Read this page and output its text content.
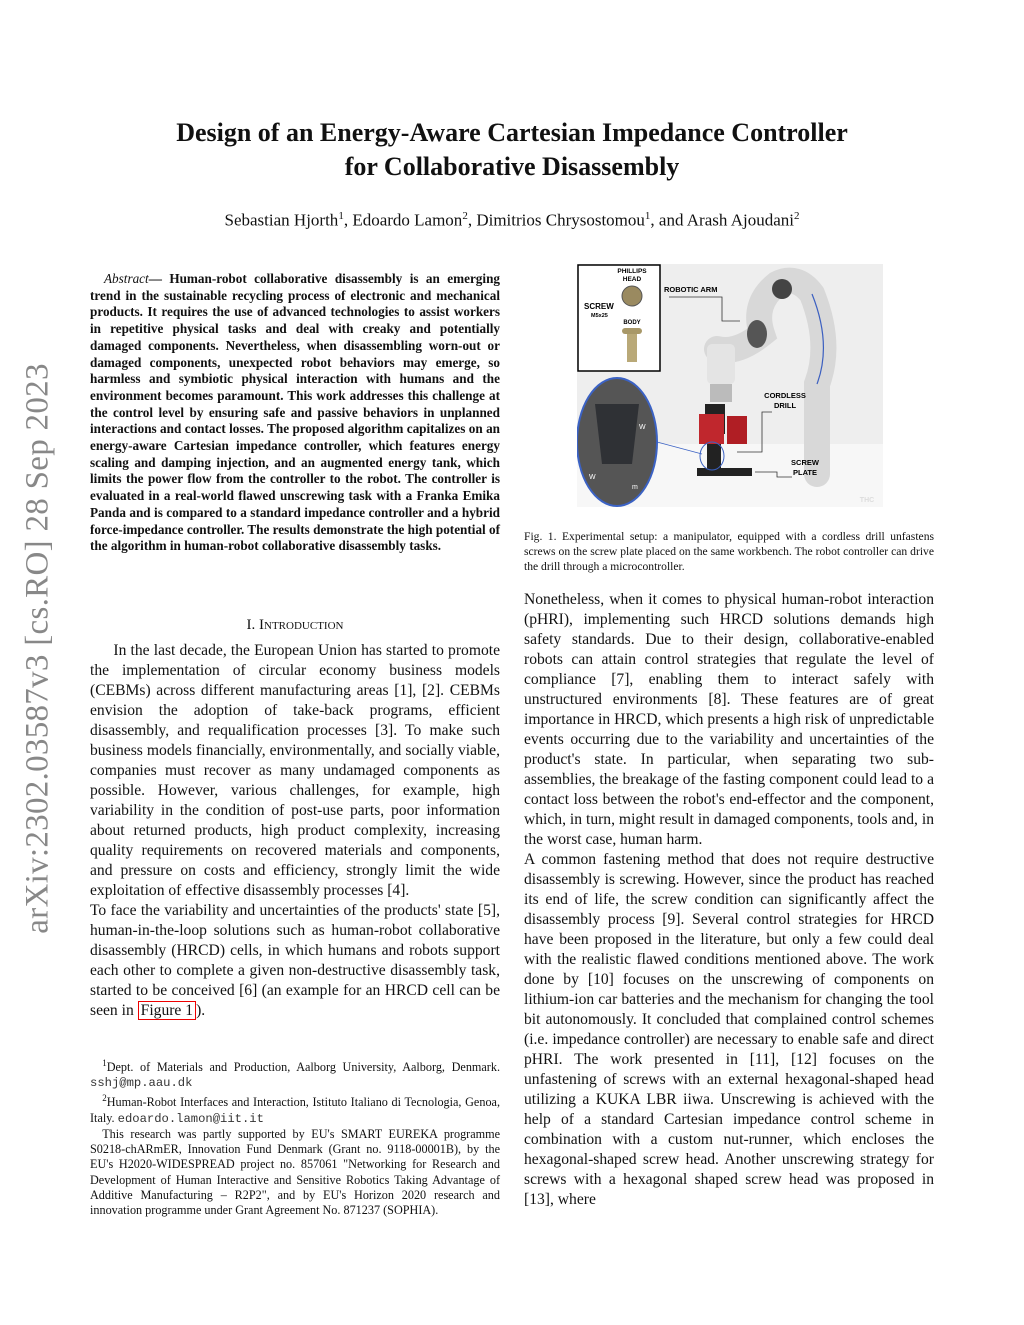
arXiv:2302.03587v3 [cs.RO] 28 Sep 2023
Design of an Energy-Aware Cartesian Impedance Controller
for Collaborative Disassembly
Sebastian Hjorth$^1$, Edoardo Lamon$^2$, Dimitrios Chrysostomou$^1$, and Arash Ajoudani$^2$
Abstract— Human-robot collaborative disassembly is an emerging trend in the sustainable recycling process of electronic and mechanical products. It requires the use of advanced technologies to assist workers in repetitive physical tasks and deal with creaky and potentially damaged components. Nevertheless, when disassembling worn-out or damaged components, unexpected robot behaviors may emerge, so harmless and symbiotic physical interaction with humans and the environment becomes paramount. This work addresses this challenge at the control level by ensuring safe and passive behaviors in unplanned interactions and contact losses. The proposed algorithm capitalizes on an energy-aware Cartesian impedance controller, which features energy scaling and damping injection, and an augmented energy tank, which limits the power flow from the controller to the robot. The controller is evaluated in a real-world flawed unscrewing task with a Franka Emika Panda and is compared to a standard impedance controller and a hybrid force-impedance controller. The results demonstrate the high potential of the algorithm in human-robot collaborative disassembly tasks.
I. Introduction

In the last decade, the European Union has started to promote the implementation of circular economy business models (CEBMs) across different manufacturing areas [1], [2]. CEBMs envision the adoption of take-back programs, efficient disassembly, and requalification processes [3]. To make such business models financially, environmentally, and socially viable, companies must recover as many undamaged components as possible. However, various challenges, for example, high variability in the condition of post-use parts, poor information about returned products, high product complexity, increasing quality requirements on recovered materials and components, and pressure on costs and efficiency, strongly limit the wide exploitation of effective disassembly processes [4].

To face the variability and uncertainties of the products' state [5], human-in-the-loop solutions such as human-robot collaborative disassembly (HRCD) cells, in which humans and robots support each other to complete a given non-destructive disassembly task, started to be conceived [6] (an example for an HRCD cell can be seen in Figure 1 ).

$^1$Dept. of Materials and Production, Aalborg University, Aalborg, Denmark. sshj@mp.aau.dk
$^2$Human-Robot Interfaces and Interaction, Istituto Italiano di Tecnologia, Genoa, Italy. edoardo.lamon@iit.it
This research was partly supported by EU's SMART EUREKA programme S0218-chARmER, Innovation Fund Denmark (Grant no. 9118-00001B), by the EU's H2020-WIDESPREAD project no. 857061 "Networking for Research and Development of Human Interactive and Sensitive Robotics Taking Advantage of Additive Manufacturing – R2P2", and by EU's Horizon 2020 research and innovation programme under Grant Agreement No. 871237 (SOPHIA).
PHILLIPS
HEAD
SCREW
M5x25
BODY
W
W
m
ROBOTIC ARM
CORDLESS
DRILL
SCREW
PLATE
THC
Fig. 1. Experimental setup: a manipulator, equipped with a cordless drill unfastens screws on the screw plate placed on the same workbench. The robot controller can drive the drill through a microcontroller.

Nonetheless, when it comes to physical human-robot interaction (pHRI), implementing such HRCD solutions demands high safety standards. Due to their design, collaborative-enabled robots can attain control strategies that regulate the level of compliance [7], enabling them to interact safely with unstructured environments [8]. These features are of great importance in HRCD, which presents a high risk of unpredictable events occurring due to the variability and uncertainties of the product's state. In particular, when separating two sub-assemblies, the breakage of the fasting component could lead to a contact loss between the robot's end-effector and the component, which, in turn, might result in damaged components, tools and, in the worst case, human harm.

A common fastening method that does not require destructive disassembly is screwing. However, since the product has reached its end of life, the screw condition can significantly affect the disassembly process [9]. Several control strategies for HRCD have been proposed in the literature, but only a few could deal with the realistic flawed conditions mentioned above. The work done by [10] focuses on the unscrewing of components on lithium-ion car batteries and the mechanism for changing the tool bit autonomously. It concluded that complained control schemes (i.e. impedance controller) are necessary to enable safe and direct pHRI. The work presented in [11], [12] focuses on the unfastening of screws with an external hexagonal-shaped head utilizing a KUKA LBR iiwa. Unscrewing is achieved with the help of a standard Cartesian impedance control scheme in combination with a custom nut-runner, which encloses the hexagonal-shaped screw head. Another unscrewing strategy for screws with a hexagonal shaped screw head was proposed in [13], where
